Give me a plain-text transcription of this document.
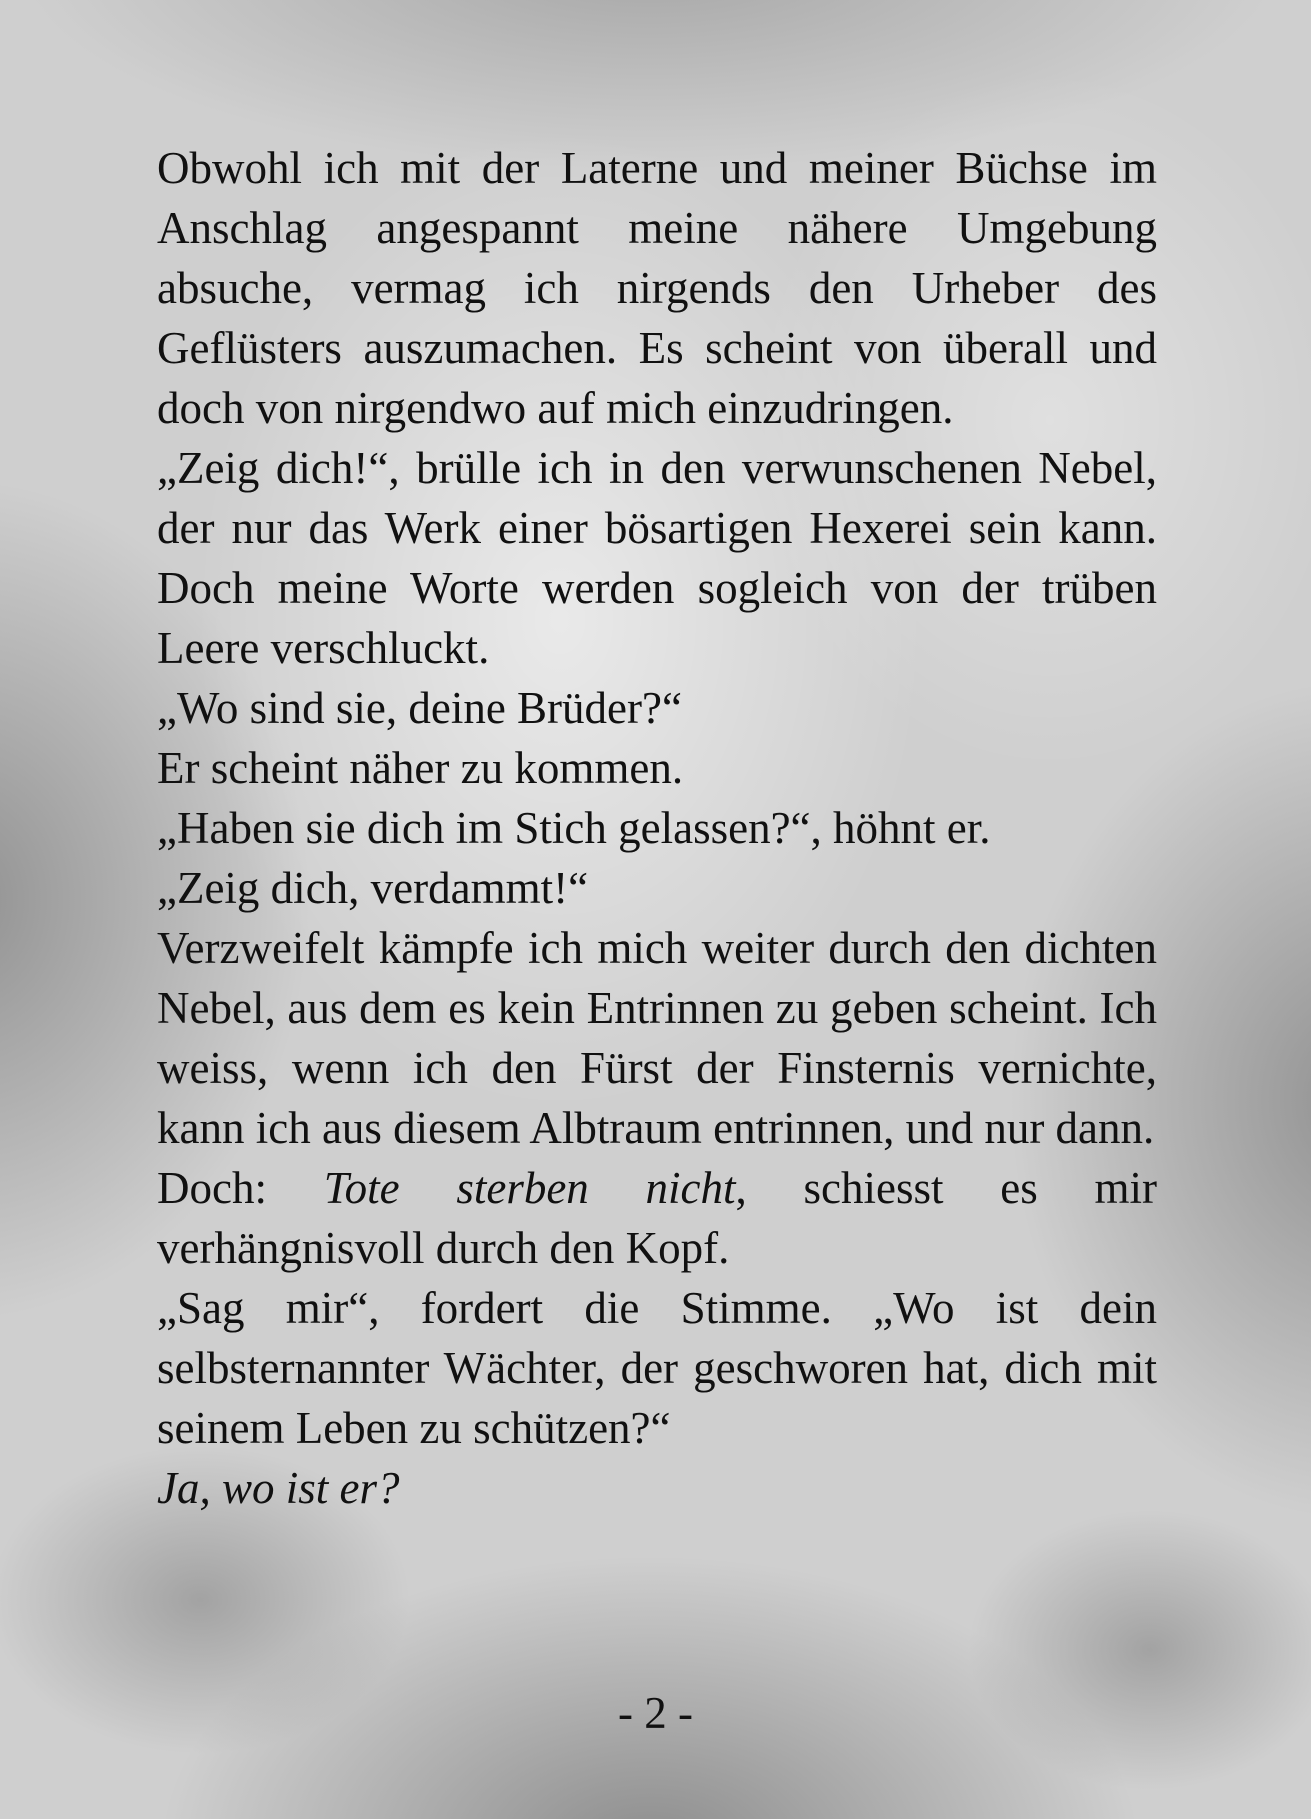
Obwohl ich mit der Laterne und meiner Büchse im Anschlag angespannt meine nähere Umgebung absuche, vermag ich nirgends den Urheber des Geflüsters auszumachen. Es scheint von überall und doch von nirgendwo auf mich einzudringen.

„Zeig dich!“, brülle ich in den verwunschenen Nebel, der nur das Werk einer bösartigen Hexerei sein kann. Doch meine Worte werden sogleich von der trüben Leere verschluckt.

„Wo sind sie, deine Brüder?“

Er scheint näher zu kommen.

„Haben sie dich im Stich gelassen?“, höhnt er.

„Zeig dich, verdammt!“

Verzweifelt kämpfe ich mich weiter durch den dichten Nebel, aus dem es kein Entrinnen zu geben scheint. Ich weiss, wenn ich den Fürst der Finsternis vernichte, kann ich aus diesem Albtraum entrinnen, und nur dann.

Doch: Tote sterben nicht, schiesst es mir verhängnisvoll durch den Kopf.

„Sag mir“, fordert die Stimme. „Wo ist dein selbsternannter Wächter, der geschworen hat, dich mit seinem Leben zu schützen?“

Ja, wo ist er?

- 2 -
